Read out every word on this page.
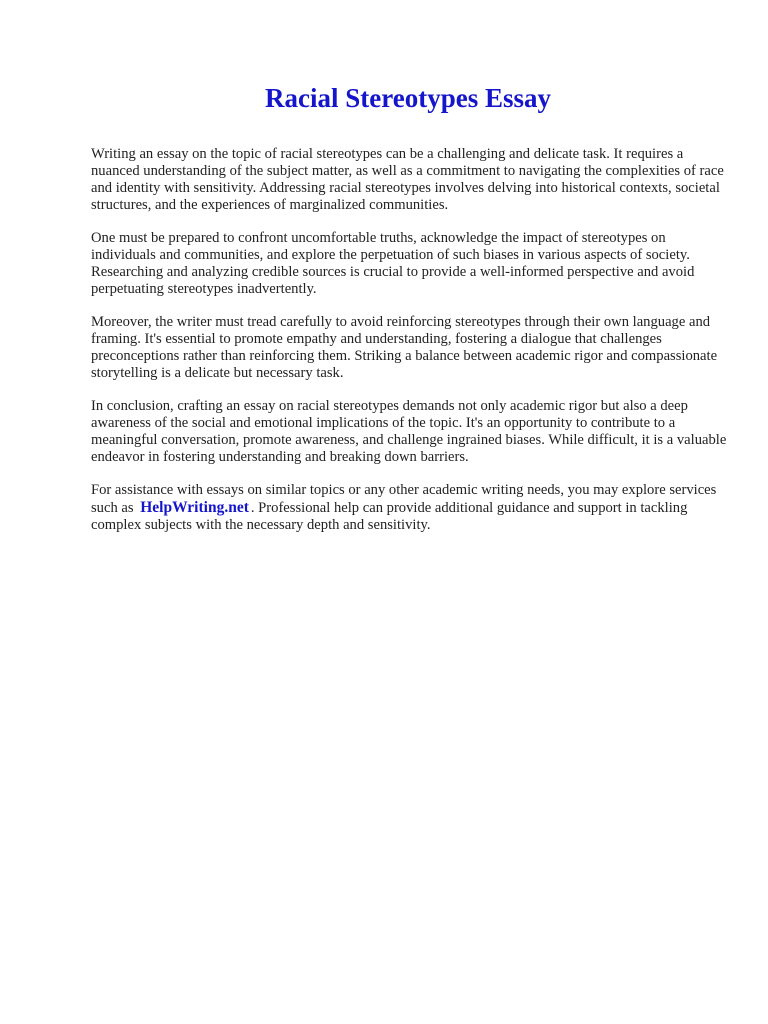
Racial Stereotypes Essay

Writing an essay on the topic of racial stereotypes can be a challenging and delicate task. It requires a nuanced understanding of the subject matter, as well as a commitment to navigating the complexities of race and identity with sensitivity. Addressing racial stereotypes involves delving into historical contexts, societal structures, and the experiences of marginalized communities.

One must be prepared to confront uncomfortable truths, acknowledge the impact of stereotypes on individuals and communities, and explore the perpetuation of such biases in various aspects of society. Researching and analyzing credible sources is crucial to provide a well-informed perspective and avoid perpetuating stereotypes inadvertently.

Moreover, the writer must tread carefully to avoid reinforcing stereotypes through their own language and framing. It's essential to promote empathy and understanding, fostering a dialogue that challenges preconceptions rather than reinforcing them. Striking a balance between academic rigor and compassionate storytelling is a delicate but necessary task.

In conclusion, crafting an essay on racial stereotypes demands not only academic rigor but also a deep awareness of the social and emotional implications of the topic. It's an opportunity to contribute to a meaningful conversation, promote awareness, and challenge ingrained biases. While difficult, it is a valuable endeavor in fostering understanding and breaking down barriers.

For assistance with essays on similar topics or any other academic writing needs, you may explore services such as HelpWriting.net . Professional help can provide additional guidance and support in tackling complex subjects with the necessary depth and sensitivity.
